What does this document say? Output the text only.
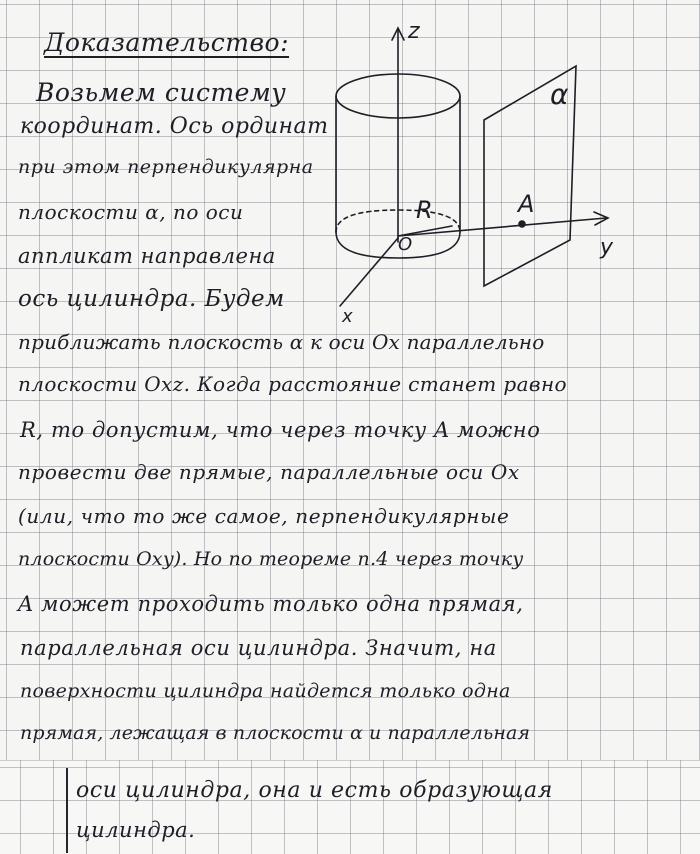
z
y
x
α
A
R
O
Доказательство:
Возьмем систему
координат. Ось ординат
при этом перпендикулярна
плоскости α, по оси
аппликат направлена
ось цилиндра. Будем
приближать плоскость α к оси Ox параллельно
плоскости Oxz. Когда расстояние станет равно
R, то допустим, что через точку A можно
провести две прямые, параллельные оси Ox
(или, что то же самое, перпендикулярные
плоскости Oxy). Но по теореме п.4 через точку
A может проходить только одна прямая,
параллельная оси цилиндра. Значит, на
поверхности цилиндра найдется только одна
прямая, лежащая в плоскости α и параллельная
оси цилиндра, она и есть образующая
цилиндра.
